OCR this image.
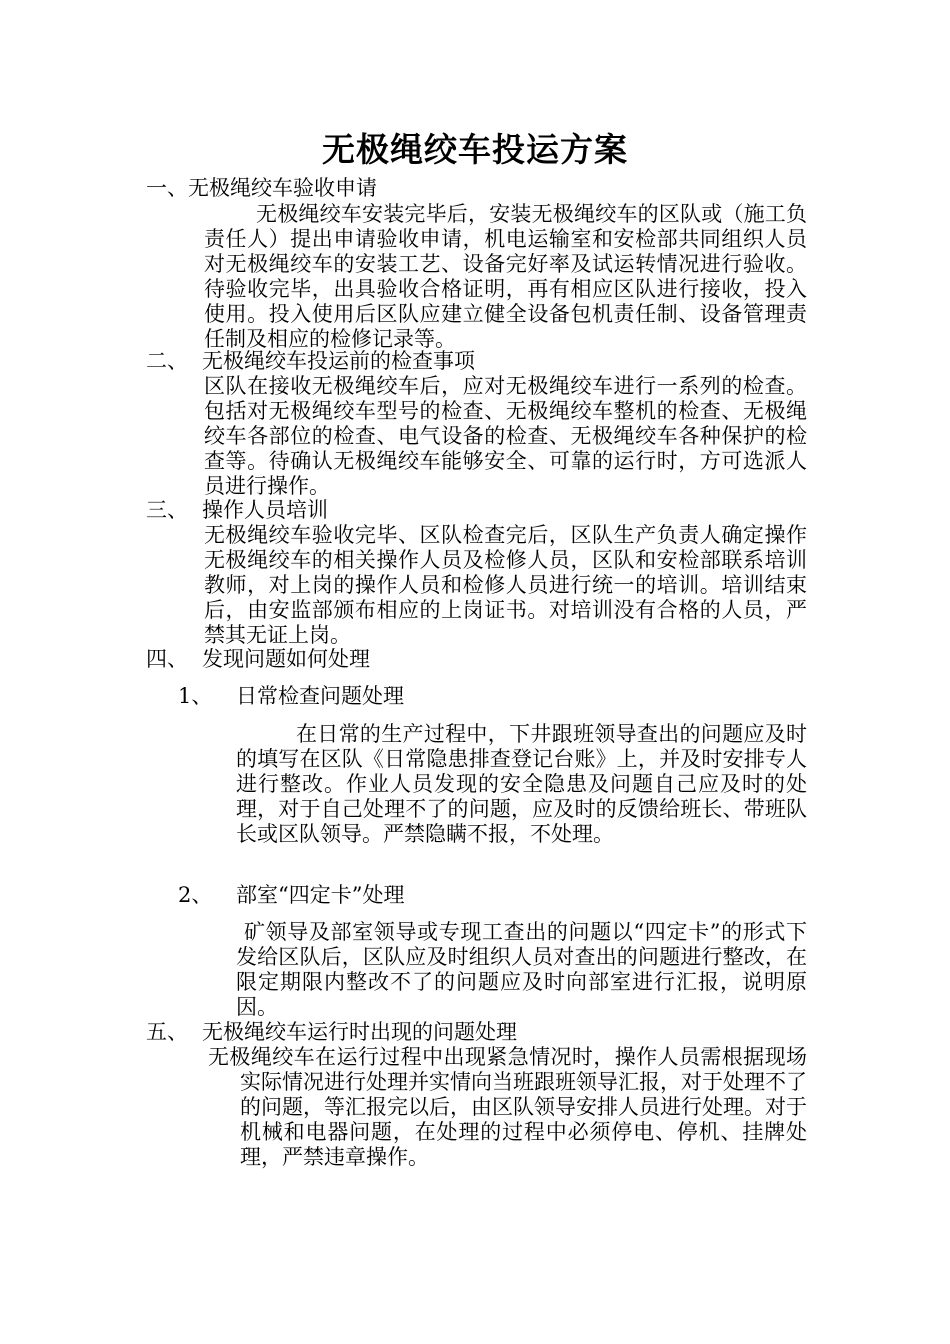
无极绳绞车投运方案
一、无极绳绞车验收申请
无极绳绞车安装完毕后，安装无极绳绞车的区队或（施工负责任人）提出申请验收申请，机电运输室和安检部共同组织人员对无极绳绞车的安装工艺、设备完好率及试运转情况进行验收。待验收完毕，出具验收合格证明，再有相应区队进行接收，投入使用。投入使用后区队应建立健全设备包机责任制、设备管理责任制及相应的检修记录等。
二、 无极绳绞车投运前的检查事项
区队在接收无极绳绞车后，应对无极绳绞车进行一系列的检查。包括对无极绳绞车型号的检查、无极绳绞车整机的检查、无极绳绞车各部位的检查、电气设备的检查、无极绳绞车各种保护的检查等。待确认无极绳绞车能够安全、可靠的运行时，方可选派人员进行操作。
三、 操作人员培训
无极绳绞车验收完毕、区队检查完后，区队生产负责人确定操作无极绳绞车的相关操作人员及检修人员，区队和安检部联系培训教师，对上岗的操作人员和检修人员进行统一的培训。培训结束后，由安监部颁布相应的上岗证书。对培训没有合格的人员，严禁其无证上岗。
四、 发现问题如何处理
1、 日常检查问题处理
在日常的生产过程中，下井跟班领导查出的问题应及时的填写在区队《日常隐患排查登记台账》上，并及时安排专人进行整改。作业人员发现的安全隐患及问题自己应及时的处理，对于自己处理不了的问题，应及时的反馈给班长、带班队长或区队领导。严禁隐瞒不报，不处理。
2、 部室“四定卡”处理
矿领导及部室领导或专现工查出的问题以“四定卡”的形式下发给区队后，区队应及时组织人员对查出的问题进行整改，在限定期限内整改不了的问题应及时向部室进行汇报，说明原因。
五、 无极绳绞车运行时出现的问题处理
无极绳绞车在运行过程中出现紧急情况时，操作人员需根据现场实际情况进行处理并实情向当班跟班领导汇报，对于处理不了的问题，等汇报完以后，由区队领导安排人员进行处理。对于机械和电器问题，在处理的过程中必须停电、停机、挂牌处理，严禁违章操作。
